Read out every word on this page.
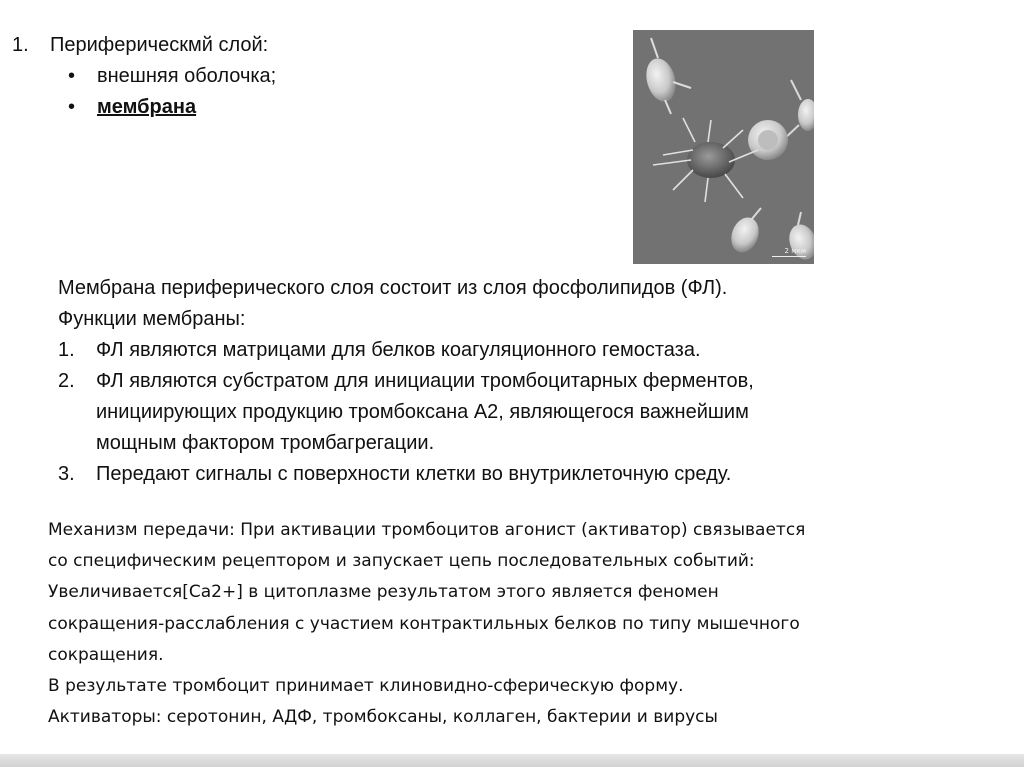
1. Периферическмй слой:
• внешняя оболочка;
• мембрана
2 мкм
Мембрана периферического слоя состоит из слоя фосфолипидов (ФЛ).
Функции мембраны:
1. ФЛ являются матрицами для белков коагуляционного гемостаза.
2. ФЛ являются субстратом для инициации тромбоцитарных ферментов,
инициирующих продукцию тромбоксана А2, являющегося важнейшим
мощным фактором тромбагрегации.
3. Передают сигналы с поверхности клетки во внутриклеточную среду.
Механизм передачи: При активации тромбоцитов агонист (активатор) связывается
со специфическим рецептором и запускает цепь последовательных событий:
Увеличивается[Са2+] в цитоплазме результатом этого является феномен
сокращения-расслабления с участием контрактильных белков по типу мышечного
сокращения.
В результате тромбоцит принимает клиновидно-сферическую форму.
Активаторы: серотонин, АДФ, тромбоксаны, коллаген, бактерии и вирусы
